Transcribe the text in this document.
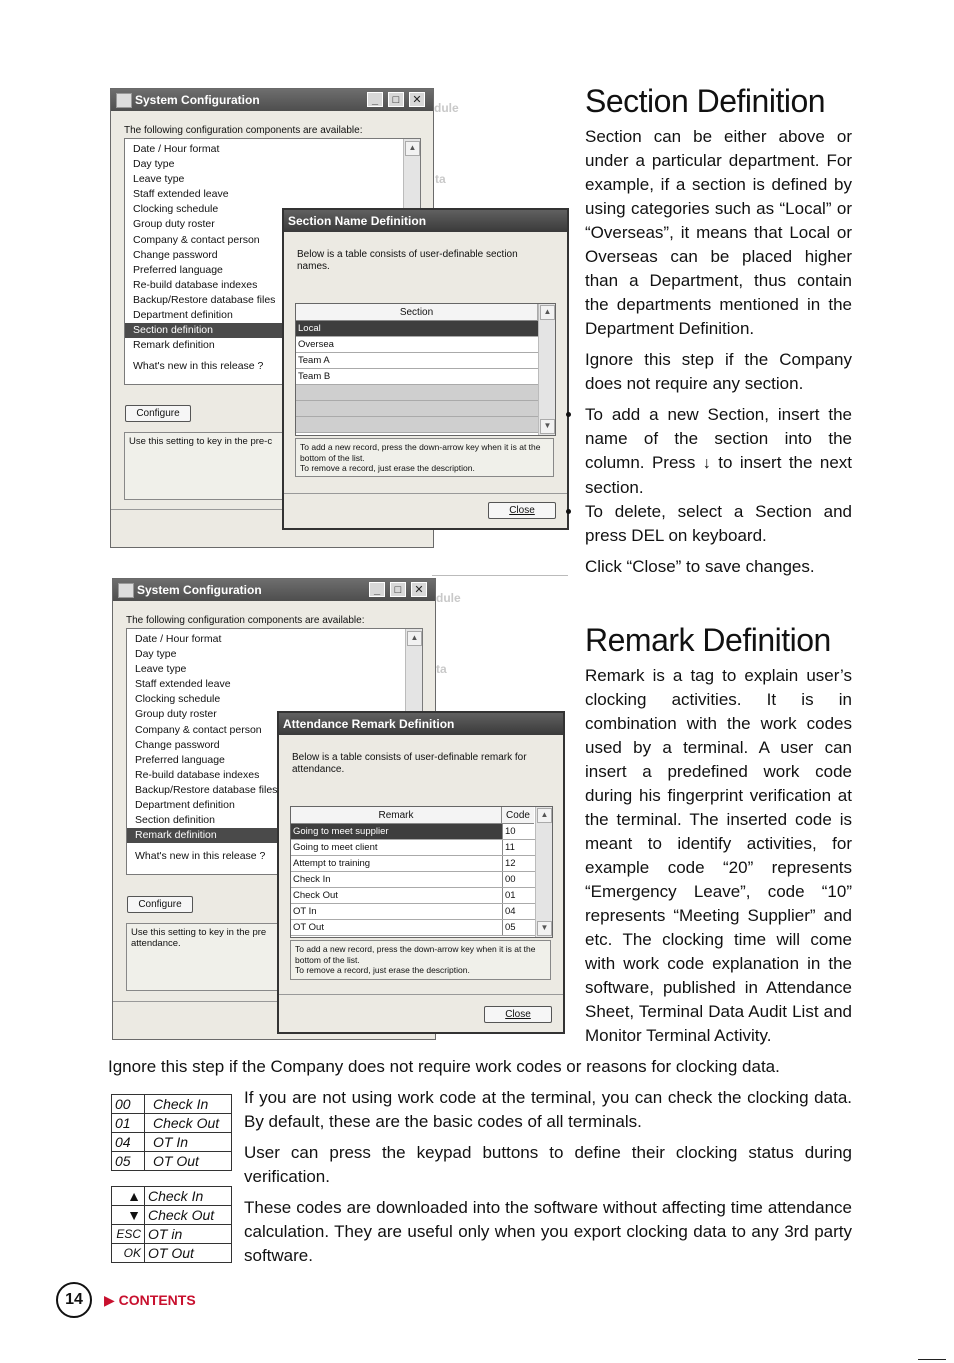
System Configuration	_	□	✕
The following configuration components are available:
Date / Hour format
Day type
Leave type
Staff extended leave
Clocking schedule
Group duty roster
Company & contact person
Change password
Preferred language
Re-build database indexes
Backup/Restore database files
Department definition
Section definition
Remark definition
What's new in this release ?
▲
Configure
Use this setting to key in the pre-c
dule
ta
Section Name Definition
Below is a table consists of user-definable section names.
Section
Local
Oversea
Team A
Team B
▲
▼
To add a new record, press the down-arrow key when it is at the bottom of the list.
To remove a record, just erase the description.
Close
System Configuration	_	□	✕
The following configuration components are available:
Date / Hour format
Day type
Leave type
Staff extended leave
Clocking schedule
Group duty roster
Company & contact person
Change password
Preferred language
Re-build database indexes
Backup/Restore database files
Department definition
Section definition
Remark definition
What's new in this release ?
▲
Configure
Use this setting to key in the pre
attendance.
dule
ta
Attendance Remark Definition
Below is a table consists of user-definable remark for attendance.
Remark	Code
Going to meet supplier	10
Going to meet client	11
Attempt to training	12
Check In	00
Check Out	01
OT In	04
OT Out	05
▲
▼
To add a new record, press the down-arrow key when it is at the bottom of the list.
To remove a record, just erase the description.
Close
Section Definition

Section can be either above or under a particular department. For example, if a section is defined by using categories such as “Local” or “Overseas”, it means that Local or Overseas can be placed higher than a Department, thus contain the departments mentioned in the Department Definition.

Ignore this step if the Company does not require any section.

To add a new Section, insert the name of the section into the column. Press ↓ to insert the next section.

To delete, select a Section and press DEL on keyboard.

Click “Close” to save changes.

Remark Definition

Remark is a tag to explain user’s clocking activities. It is in combination with the work codes used by a terminal. A user can insert a predefined work code during his fingerprint verification at the terminal. The inserted code is meant to identify activities, for example code “20” represents “Emergency Leave”, code “10” represents “Meeting Supplier” and etc. The clocking time will come with work code explanation in the software, published in Attendance Sheet, Terminal Data Audit List and Monitor Terminal Activity.

Ignore this step if the Company does not require work codes or reasons for clocking data.
00	Check In
01	Check Out
04	OT In
05	OT Out
▲	Check In
▼	Check Out
ESC	OT in
OK	OT Out

If you are not using work code at the terminal, you can check the clocking data. By default, these are the basic codes of all terminals.

User can press the keypad buttons to define their clocking status during verification.

These codes are downloaded into the software without affecting time attendance calculation. They are useful only when you export clocking data to any 3rd party software.

14	▶ CONTENTS
